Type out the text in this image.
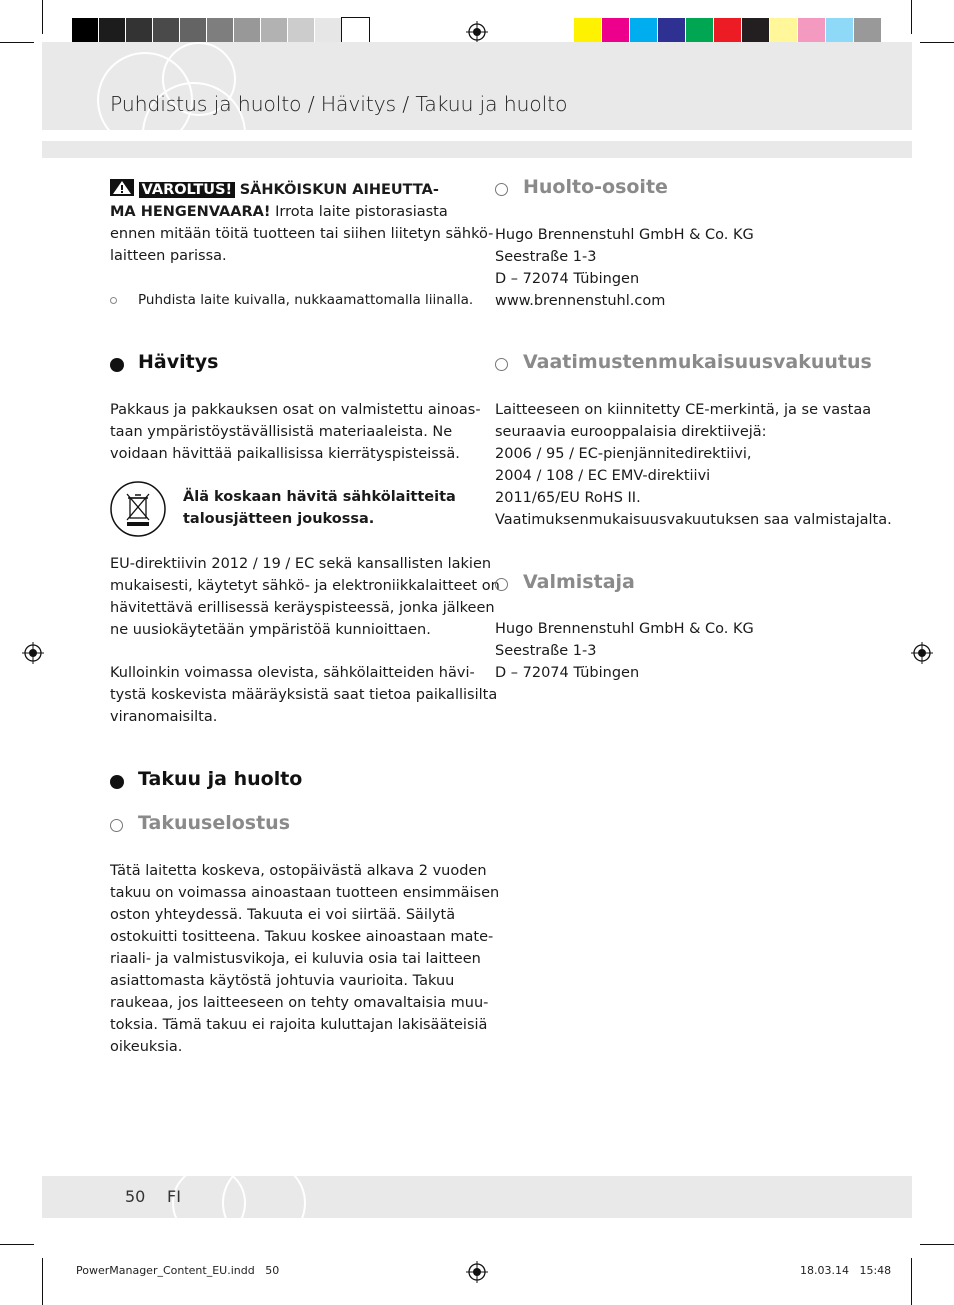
Puhdistus ja huolto / Hävitys / Takuu ja huolto
VAROLTUS! SÄHKÖISKUN AIHEUTTA-
MA HENGENVAARA! Irrota laite pistorasiasta
ennen mitään töitä tuotteen tai siihen liitetyn sähkö-
laitteen parissa.
Puhdista laite kuivalla, nukkaamattomalla liinalla.
Hävitys
Pakkaus ja pakkauksen osat on valmistettu ainoas-
taan ympäristöystävällisistä materiaaleista. Ne
voidaan hävittää paikallisissa kierrätyspisteissä.
Älä koskaan hävitä sähkölaitteita
talousjätteen joukossa.
EU-direktiivin 2012 / 19 / EC sekä kansallisten lakien
mukaisesti, käytetyt sähkö- ja elektroniikkalaitteet on
hävitettävä erillisessä keräyspisteessä, jonka jälkeen
ne uusiokäytetään ympäristöä kunnioittaen.
Kulloinkin voimassa olevista, sähkölaitteiden hävi-
tystä koskevista määräyksistä saat tietoa paikallisilta
viranomaisilta.
Takuu ja huolto
Takuuselostus
Tätä laitetta koskeva, ostopäivästä alkava 2 vuoden
takuu on voimassa ainoastaan tuotteen ensimmäisen
oston yhteydessä. Takuuta ei voi siirtää. Säilytä
ostokuitti tositteena. Takuu koskee ainoastaan mate-
riaali- ja valmistusvikoja, ei kuluvia osia tai laitteen
asiattomasta käytöstä johtuvia vaurioita. Takuu
raukeaa, jos laitteeseen on tehty omavaltaisia muu-
toksia. Tämä takuu ei rajoita kuluttajan lakisääteisiä
oikeuksia.
Huolto-osoite
Hugo Brennenstuhl GmbH & Co. KG
Seestraße 1-3
D – 72074 Tübingen
www.brennenstuhl.com
Vaatimustenmukaisuusvakuutus
Laitteeseen on kiinnitetty CE-merkintä, ja se vastaa
seuraavia eurooppalaisia direktiivejä:
2006 / 95 / EC-pienjännitedirektiivi,
2004 / 108 / EC EMV-direktiivi
2011/65/EU RoHS II.
Vaatimuksenmukaisuusvakuutuksen saa valmistajalta.
Valmistaja
Hugo Brennenstuhl GmbH & Co. KG
Seestraße 1-3
D – 72074 Tübingen
50 FI
PowerManager_Content_EU.indd   50	18.03.14   15:48
